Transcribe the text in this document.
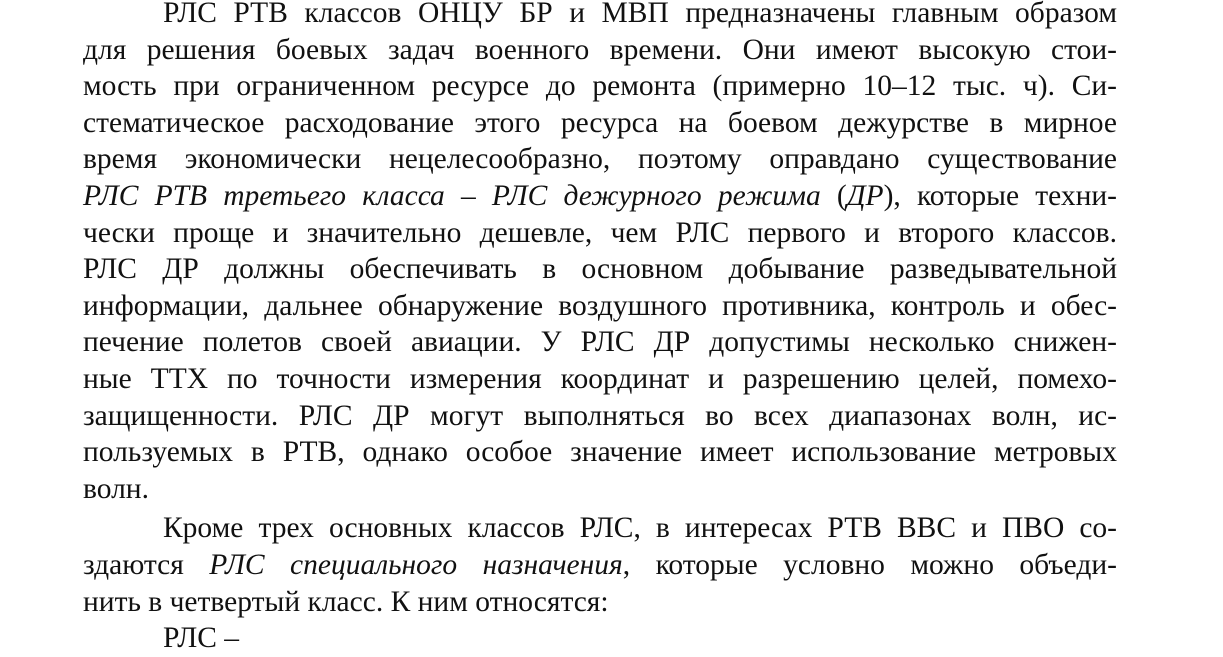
РЛС РТВ классов ОНЦУ БР и МВП предназначены главным образом
для решения боевых задач военного времени. Они имеют высокую стои-
мость при ограниченном ресурсе до ремонта (примерно 10–12 тыс. ч). Си-
стематическое расходование этого ресурса на боевом дежурстве в мирное
время экономически нецелесообразно, поэтому оправдано существование
РЛС РТВ третьего класса – РЛС дежурного режима (ДР), которые техни-
чески проще и значительно дешевле, чем РЛС первого и второго классов.
РЛС ДР должны обеспечивать в основном добывание разведывательной
информации, дальнее обнаружение воздушного противника, контроль и обес-
печение полетов своей авиации. У РЛС ДР допустимы несколько снижен-
ные ТТХ по точности измерения координат и разрешению целей, помехо-
защищенности. РЛС ДР могут выполняться во всех диапазонах волн, ис-
пользуемых в РТВ, однако особое значение имеет использование метровых
волн.
Кроме трех основных классов РЛС, в интересах РТВ ВВС и ПВО со-
здаются РЛС специального назначения, которые условно можно объеди-
нить в четвертый класс. К ним относятся:
РЛС –
